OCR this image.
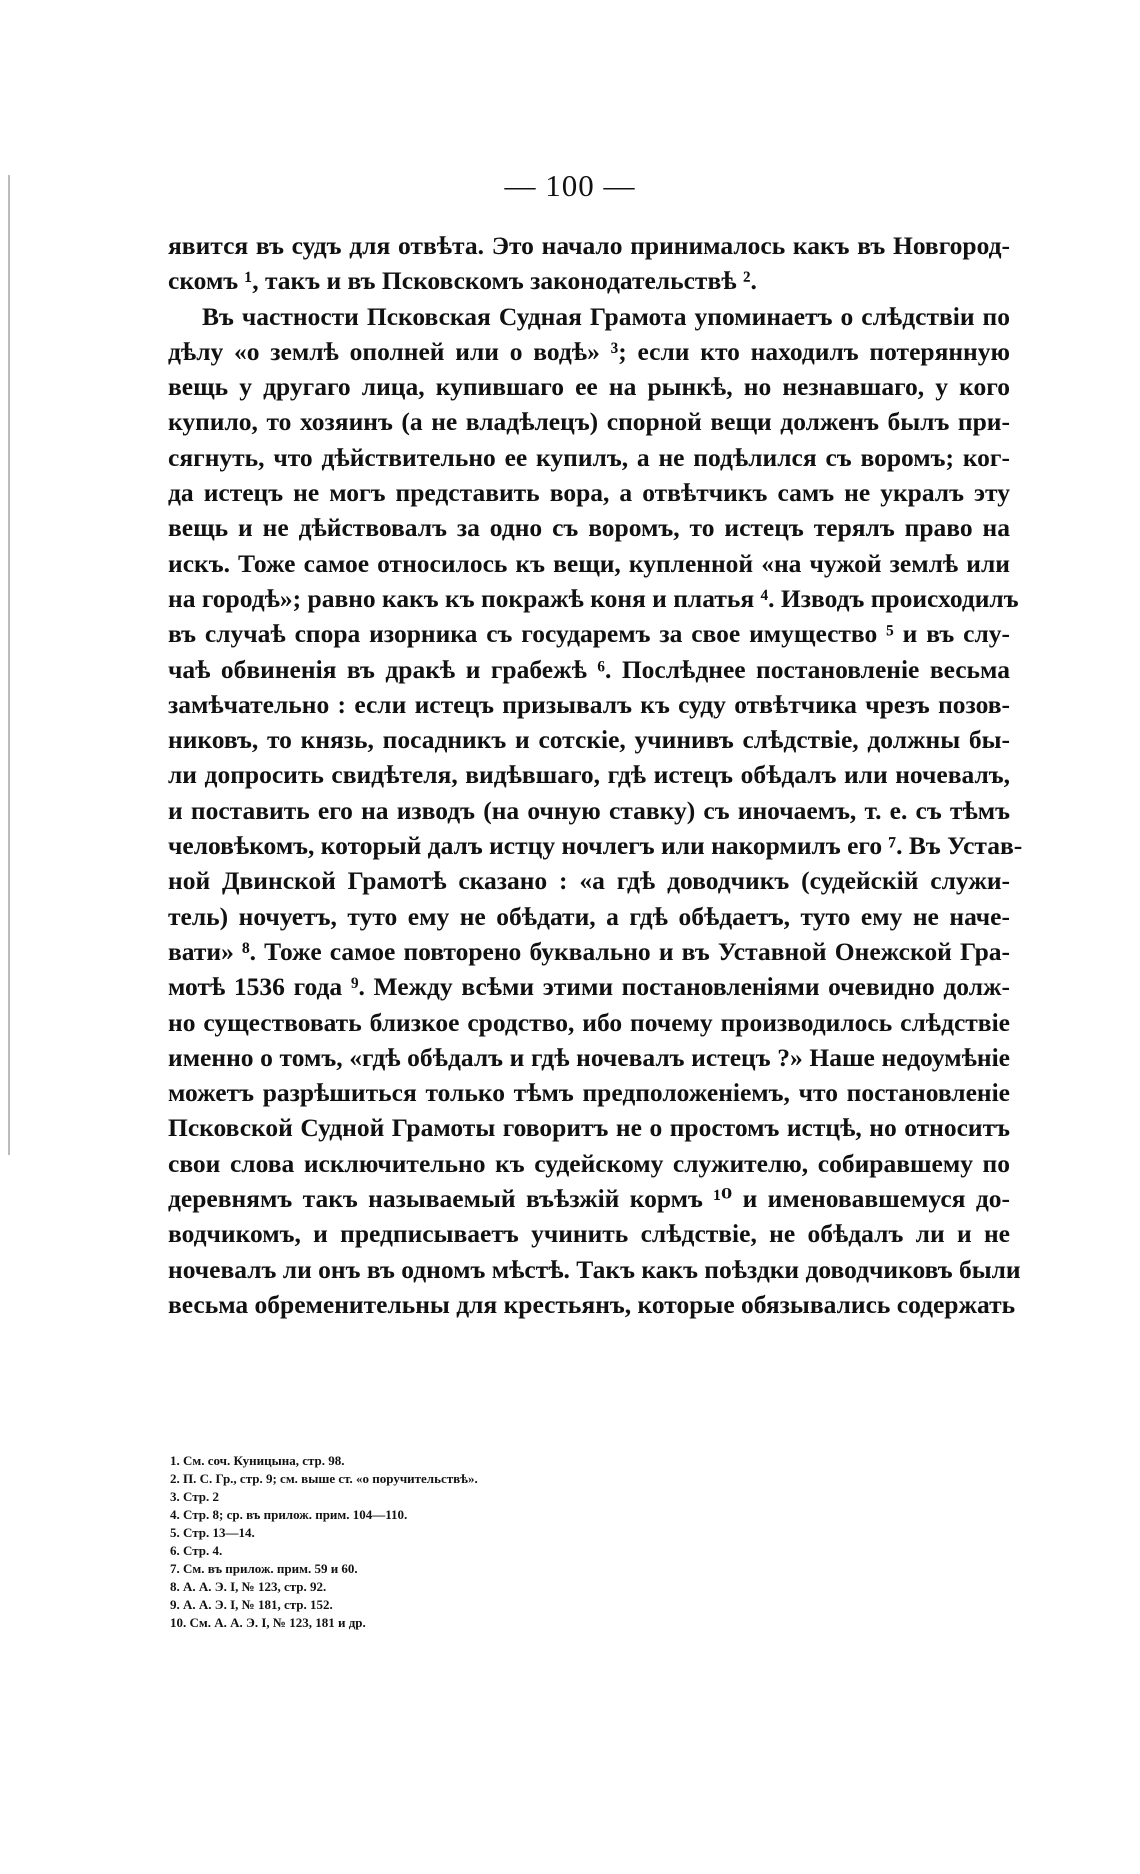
— 100 —
явится въ судъ для отвѣта. Это начало принималось какъ въ Новгород-
скомъ ¹, такъ и въ Псковскомъ законодательствѣ ².
Въ частности Псковская Судная Грамота упоминаетъ о слѣдствіи по
дѣлу «о землѣ ополней или о водѣ» ³; если кто находилъ потерянную
вещь у другаго лица, купившаго ее на рынкѣ, но незнавшаго, у кого
купило, то хозяинъ (а не владѣлецъ) спорной вещи долженъ былъ при-
сягнуть, что дѣйствительно ее купилъ, а не подѣлился съ воромъ; ког-
да истецъ не могъ представить вора, а отвѣтчикъ самъ не укралъ эту
вещь и не дѣйствовалъ за одно съ воромъ, то истецъ терялъ право на
искъ. Тоже самое относилось къ вещи, купленной «на чужой землѣ или
на городѣ»; равно какъ къ покражѣ коня и платья ⁴. Изводъ происходилъ
въ случаѣ спора изорника съ государемъ за свое имущество ⁵ и въ слу-
чаѣ обвиненія въ дракѣ и грабежѣ ⁶. Послѣднее постановленіе весьма
замѣчательно : если истецъ призывалъ къ суду отвѣтчика чрезъ позов-
никовъ, то князь, посадникъ и сотскіе, учинивъ слѣдствіе, должны бы-
ли допросить свидѣтеля, видѣвшаго, гдѣ истецъ обѣдалъ или ночевалъ,
и поставить его на изводъ (на очную ставку) съ иночаемъ, т. е. съ тѣмъ
человѣкомъ, который далъ истцу ночлегъ или накормилъ его ⁷. Въ Устав-
ной Двинской Грамотѣ сказано : «а гдѣ доводчикъ (судейскій служи-
тель) ночуетъ, туто ему не обѣдати, а гдѣ обѣдаетъ, туто ему не наче-
вати» ⁸. Тоже самое повторено буквально и въ Уставной Онежской Гра-
мотѣ 1536 года ⁹. Между всѣми этими постановленіями очевидно долж-
но существовать близкое сродство, ибо почему производилось слѣдствіе
именно о томъ, «гдѣ обѣдалъ и гдѣ ночевалъ истецъ ?» Наше недоумѣніе
можетъ разрѣшиться только тѣмъ предположеніемъ, что постановленіе
Псковской Судной Грамоты говоритъ не о простомъ истцѣ, но относитъ
свои слова исключительно къ судейскому служителю, собиравшему по
деревнямъ такъ называемый въѣзжій кормъ ¹⁰ и именовавшемуся до-
водчикомъ, и предписываетъ учинить слѣдствіе, не обѣдалъ ли и не
ночевалъ ли онъ въ одномъ мѣстѣ. Такъ какъ поѣздки доводчиковъ были
весьма обременительны для крестьянъ, которые обязывались содержать
1. См. соч. Куницына, стр. 98.
2. П. С. Гр., стр. 9; см. выше ст. «о поручительствѣ».
3. Стр. 2
4. Стр. 8; ср. въ прилож. прим. 104—110.
5. Стр. 13—14.
6. Стр. 4.
7. См. въ прилож. прим. 59 и 60.
8. А. А. Э. I, № 123, стр. 92.
9. А. А. Э. I, № 181, стр. 152.
10. См. А. А. Э. I, № 123, 181 и др.
